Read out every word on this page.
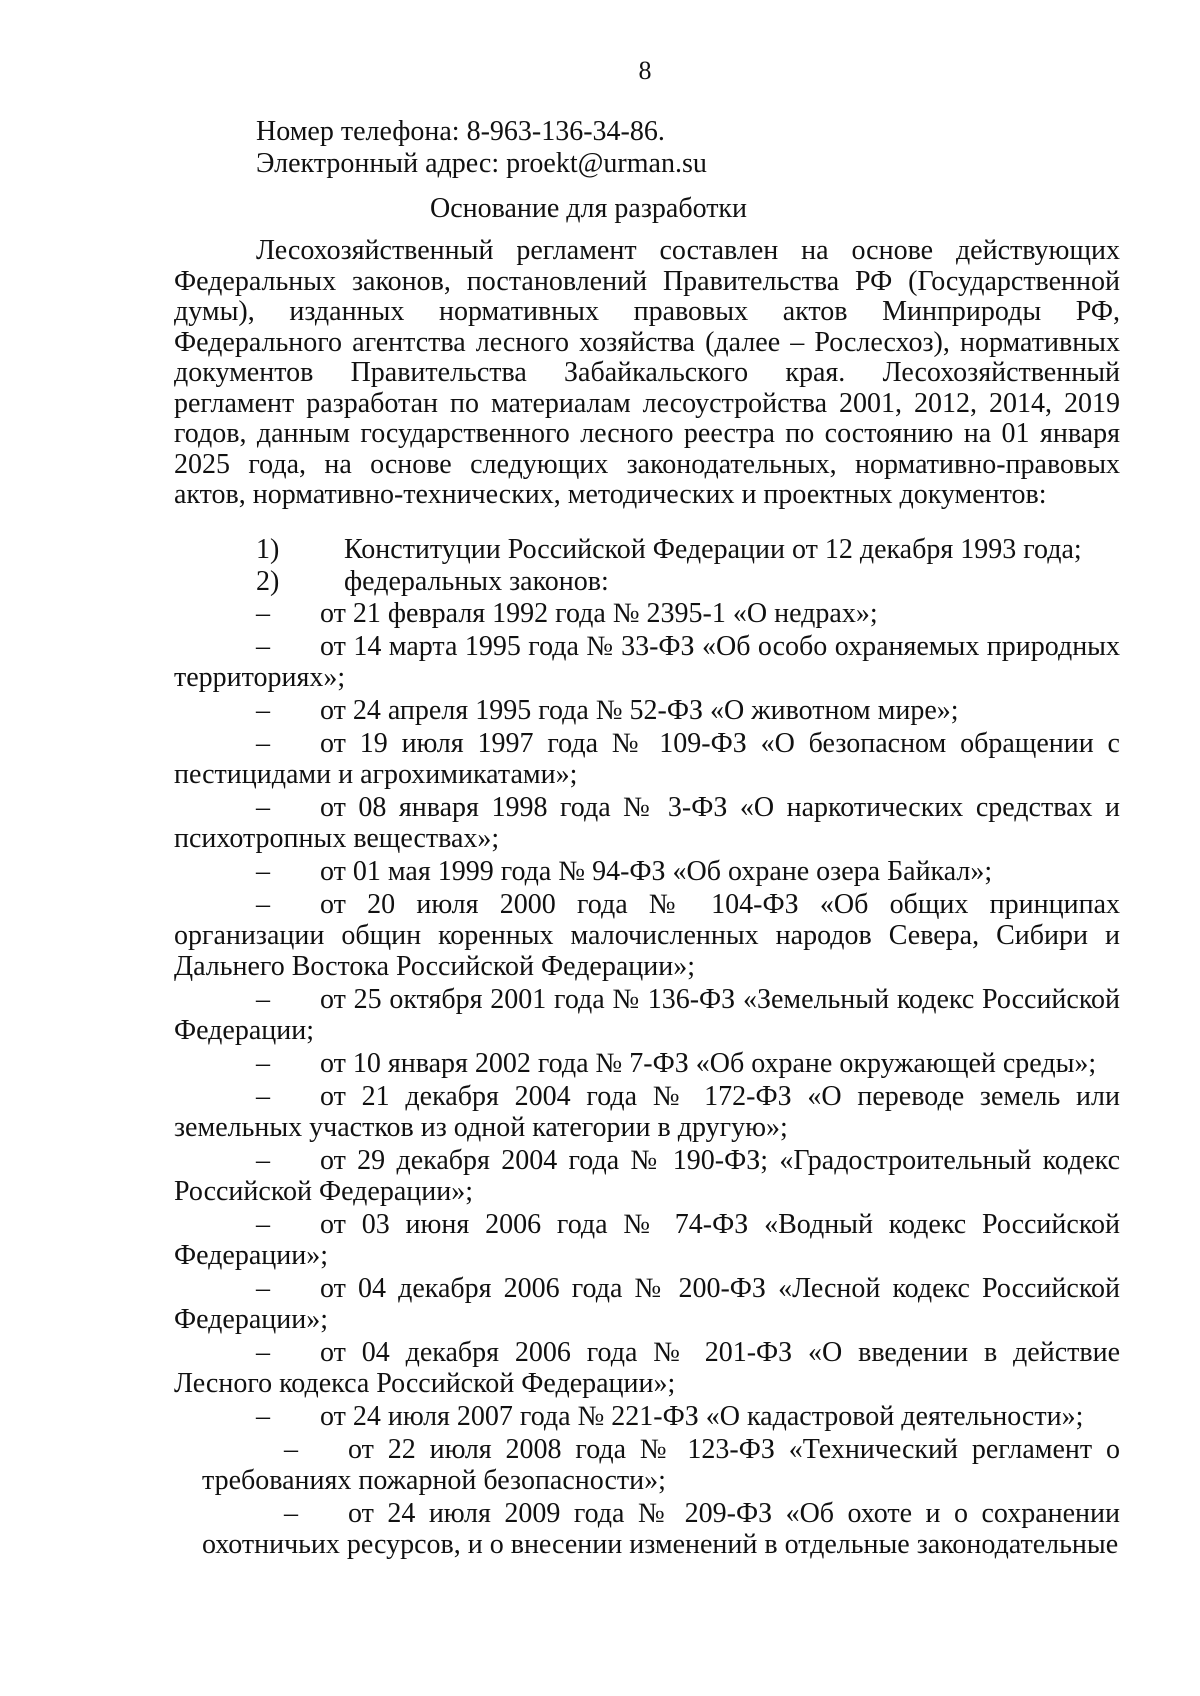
8
Номер телефона: 8-963-136-34-86.
Электронный адрес: proekt@urman.su
Основание для разработки

Лесохозяйственный регламент составлен на основе действующих Федеральных законов, постановлений Правительства РФ (Государственной думы), изданных нормативных правовых актов Минприроды РФ, Федерального агентства лесного хозяйства (далее – Рослесхоз), нормативных документов Правительства Забайкальского края. Лесохозяйственный регламент разработан по материалам лесоустройства 2001, 2012, 2014, 2019 годов, данным государственного лесного реестра по состоянию на 01 января 2025 года, на основе следующих законодательных, нормативно-правовых актов, нормативно-технических, методических и проектных документов:

1)	Конституции Российской Федерации от 12 декабря 1993 года;
2)	федеральных законов:

– от 21 февраля 1992 года № 2395-1 «О недрах»;

– от 14 марта 1995 года № 33-ФЗ «Об особо охраняемых природных территориях»;

– от 24 апреля 1995 года № 52-ФЗ «О животном мире»;

– от 19 июля 1997 года № 109-ФЗ «О безопасном обращении с пестицидами и агрохимикатами»;

– от 08 января 1998 года № 3-ФЗ «О наркотических средствах и психотропных веществах»;

– от 01 мая 1999 года № 94-ФЗ «Об охране озера Байкал»;

– от 20 июля 2000 года № 104-ФЗ «Об общих принципах организации общин коренных малочисленных народов Севера, Сибири и Дальнего Востока Российской Федерации»;

– от 25 октября 2001 года № 136-ФЗ «Земельный кодекс Российской Федерации;

– от 10 января 2002 года № 7-ФЗ «Об охране окружающей среды»;

– от 21 декабря 2004 года № 172-ФЗ «О переводе земель или земельных участков из одной категории в другую»;

– от 29 декабря 2004 года № 190-ФЗ; «Градостроительный кодекс Российской Федерации»;

– от 03 июня 2006 года № 74-ФЗ «Водный кодекс Российской Федерации»;

– от 04 декабря 2006 года № 200-ФЗ «Лесной кодекс Российской Федерации»;

– от 04 декабря 2006 года № 201-ФЗ «О введении в действие Лесного кодекса Российской Федерации»;

– от 24 июля 2007 года № 221-ФЗ «О кадастровой деятельности»;

– от 22 июля 2008 года № 123-ФЗ «Технический регламент о требованиях пожарной безопасности»;

– от 24 июля 2009 года № 209-ФЗ «Об охоте и о сохранении охотничьих ресурсов, и о внесении изменений в отдельные законодательные
